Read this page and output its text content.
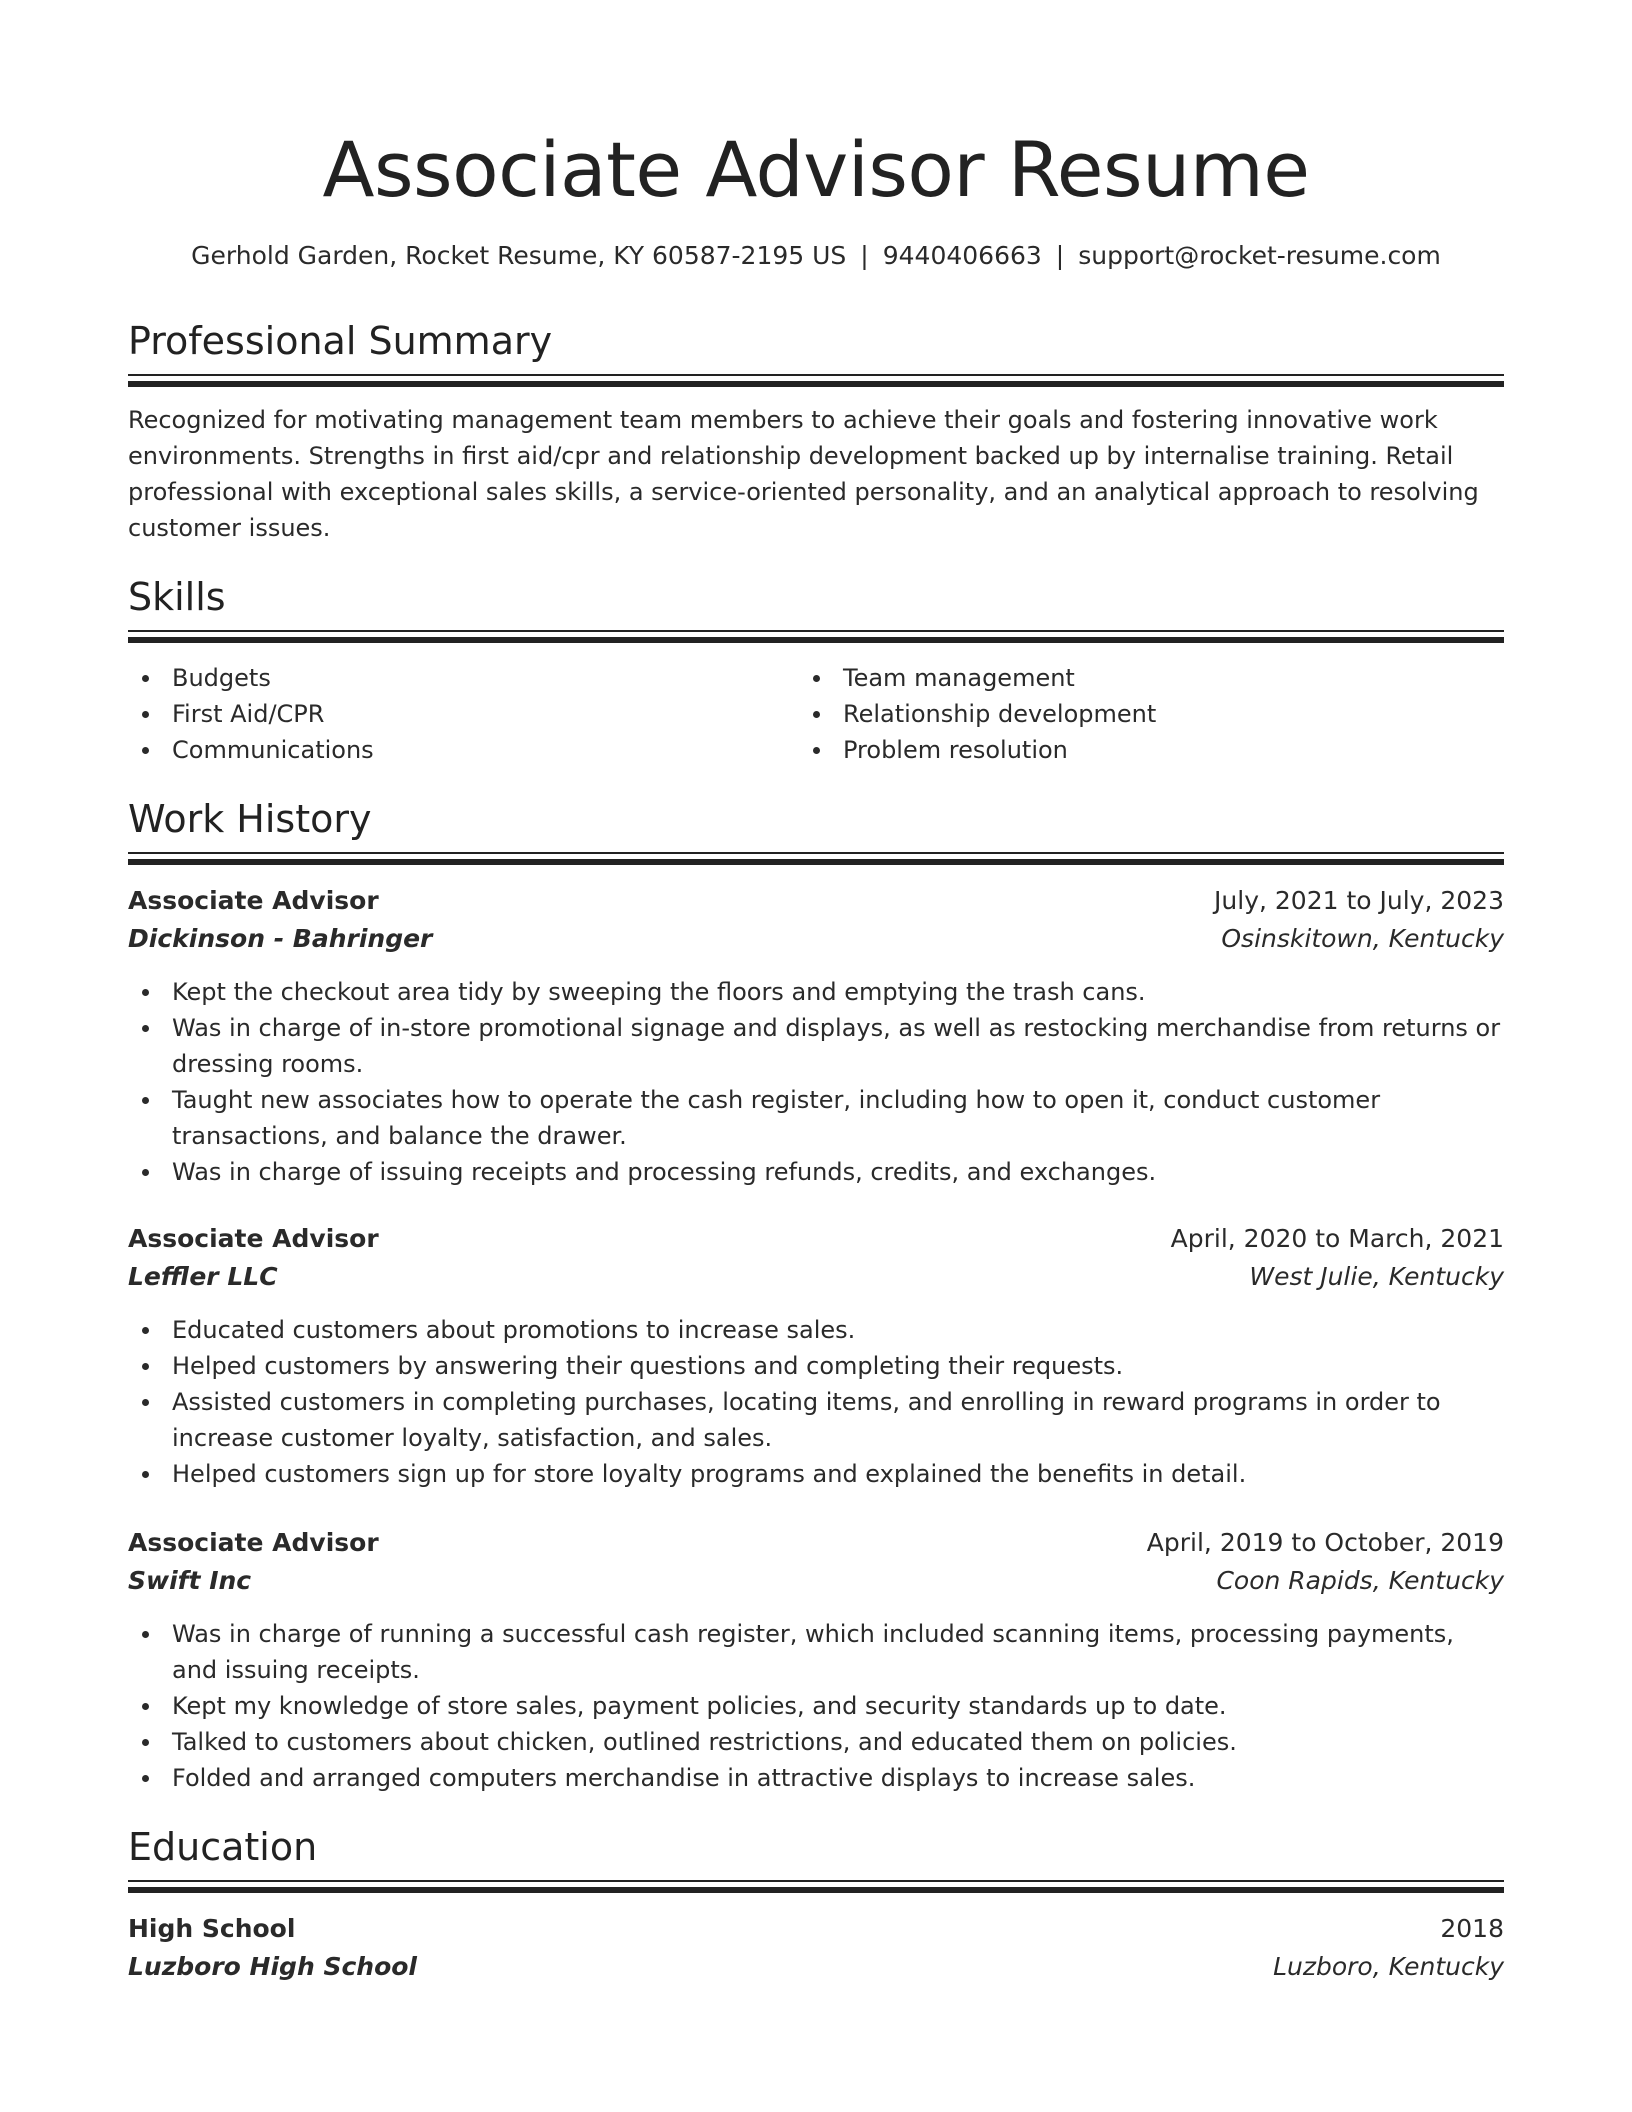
Associate Advisor Resume
Gerhold Garden, Rocket Resume, KY 60587-2195 US | 9440406663 | support@rocket-resume.com
Professional Summary

Recognized for motivating management team members to achieve their goals and fostering innovative work environments. Strengths in first aid/cpr and relationship development backed up by internalise training. Retail professional with exceptional sales skills, a service-oriented personality, and an analytical approach to resolving customer issues.

Skills
Budgets
First Aid/CPR
Communications
Team management
Relationship development
Problem resolution
Work History
Associate Advisor	July, 2021 to July, 2023
Dickinson - Bahringer	Osinskitown, Kentucky
Kept the checkout area tidy by sweeping the floors and emptying the trash cans.
Was in charge of in-store promotional signage and displays, as well as restocking merchandise from returns or dressing rooms.
Taught new associates how to operate the cash register, including how to open it, conduct customer transactions, and balance the drawer.
Was in charge of issuing receipts and processing refunds, credits, and exchanges.
Associate Advisor	April, 2020 to March, 2021
Leffler LLC	West Julie, Kentucky
Educated customers about promotions to increase sales.
Helped customers by answering their questions and completing their requests.
Assisted customers in completing purchases, locating items, and enrolling in reward programs in order to increase customer loyalty, satisfaction, and sales.
Helped customers sign up for store loyalty programs and explained the benefits in detail.
Associate Advisor	April, 2019 to October, 2019
Swift Inc	Coon Rapids, Kentucky
Was in charge of running a successful cash register, which included scanning items, processing payments, and issuing receipts.
Kept my knowledge of store sales, payment policies, and security standards up to date.
Talked to customers about chicken, outlined restrictions, and educated them on policies.
Folded and arranged computers merchandise in attractive displays to increase sales.
Education
High School	2018
Luzboro High School	Luzboro, Kentucky
